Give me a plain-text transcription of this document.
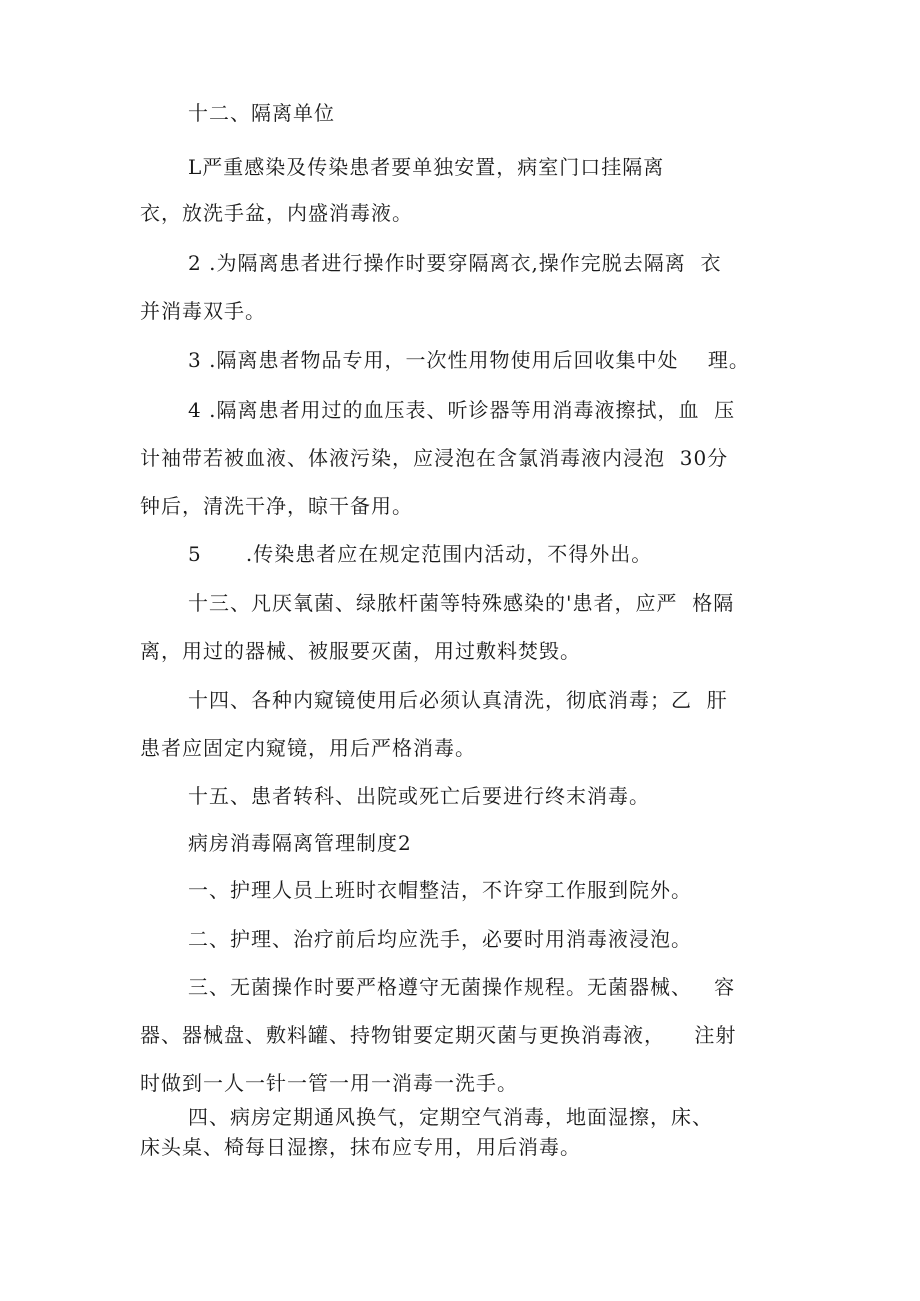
十二、隔离单位
L严重感染及传染患者要单独安置，病室门口挂隔离
衣，放洗手盆，内盛消毒液。
2 .为隔离患者进行操作时要穿隔离衣,操作完脱去隔离  衣
并消毒双手。
3 .隔离患者物品专用，一次性用物使用后回收集中处    理。
4 .隔离患者用过的血压表、听诊器等用消毒液擦拭，血  压
计袖带若被血液、体液污染，应浸泡在含氯消毒液内浸泡  30分
钟后，清洗干净，晾干备用。
5      .传染患者应在规定范围内活动，不得外出。
十三、凡厌氧菌、绿脓杆菌等特殊感染的'患者，应严  格隔
离，用过的器械、被服要灭菌，用过敷料焚毁。
十四、各种内窥镜使用后必须认真清洗，彻底消毒；乙  肝
患者应固定内窥镜，用后严格消毒。
十五、患者转科、出院或死亡后要进行终末消毒。
病房消毒隔离管理制度2
一、护理人员上班时衣帽整洁，不许穿工作服到院外。
二、护理、治疗前后均应洗手，必要时用消毒液浸泡。
三、无菌操作时要严格遵守无菌操作规程。无菌器械、   容
器、器械盘、敷料罐、持物钳要定期灭菌与更换消毒液，    注射
时做到一人一针一管一用一消毒一洗手。
四、病房定期通风换气，定期空气消毒，地面湿擦，床、
床头桌、椅每日湿擦，抹布应专用，用后消毒。
